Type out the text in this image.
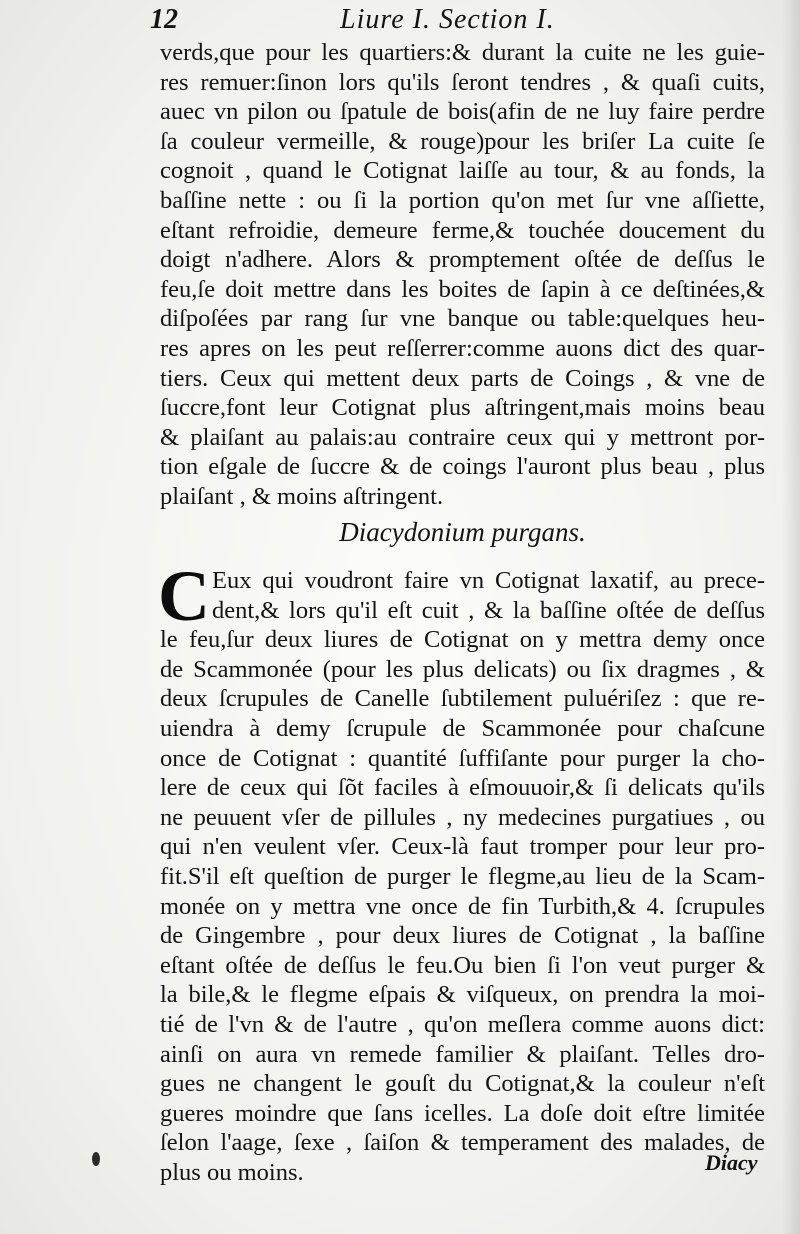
12	Liure I. Section I.
verds,que pour les quartiers:& durant la cuite ne les guie-
res remuer:ſinon lors qu'ils ſeront tendres , & quaſi cuits,
auec vn pilon ou ſpatule de bois(afin de ne luy faire perdre
ſa couleur vermeille, & rouge)pour les briſer La cuite ſe
cognoit , quand le Cotignat laiſſe au tour, & au fonds, la
baſſine nette : ou ſi la portion qu'on met ſur vne aſſiette,
eſtant refroidie, demeure ferme,& touchée doucement du
doigt n'adhere. Alors & promptement oſtée de deſſus le
feu,ſe doit mettre dans les boites de ſapin à ce deſtinées,&
diſpoſées par rang ſur vne banque ou table:quelques heu-
res apres on les peut reſſerrer:comme auons dict des quar-
tiers. Ceux qui mettent deux parts de Coings , & vne de
ſuccre,font leur Cotignat plus aſtringent,mais moins beau
& plaiſant au palais:au contraire ceux qui y mettront por-
tion eſgale de ſuccre & de coings l'auront plus beau , plus
plaiſant , & moins aſtringent.
Diacydonium purgans.
C Eux qui voudront faire vn Cotignat laxatif, au prece-
dent,& lors qu'il eſt cuit , & la baſſine oſtée de deſſus
le feu,ſur deux liures de Cotignat on y mettra demy once
de Scammonée (pour les plus delicats) ou ſix dragmes , &
deux ſcrupules de Canelle ſubtilement puluériſez : que re-
uiendra à demy ſcrupule de Scammonée pour chaſcune
once de Cotignat : quantité ſuffiſante pour purger la cho-
lere de ceux qui ſõt faciles à eſmouuoir,& ſi delicats qu'ils
ne peuuent vſer de pillules , ny medecines purgatiues , ou
qui n'en veulent vſer. Ceux-là faut tromper pour leur pro-
fit.S'il eſt queſtion de purger le flegme,au lieu de la Scam-
monée on y mettra vne once de fin Turbith,& 4. ſcrupules
de Gingembre , pour deux liures de Cotignat , la baſſine
eſtant oſtée de deſſus le feu.Ou bien ſi l'on veut purger &
la bile,& le flegme eſpais & viſqueux, on prendra la moi-
tié de l'vn & de l'autre , qu'on meſlera comme auons dict:
ainſi on aura vn remede familier & plaiſant. Telles dro-
gues ne changent le gouſt du Cotignat,& la couleur n'eſt
gueres moindre que ſans icelles. La doſe doit eſtre limitée
ſelon l'aage, ſexe , ſaiſon & temperament des malades, de
plus ou moins.	Diacy
